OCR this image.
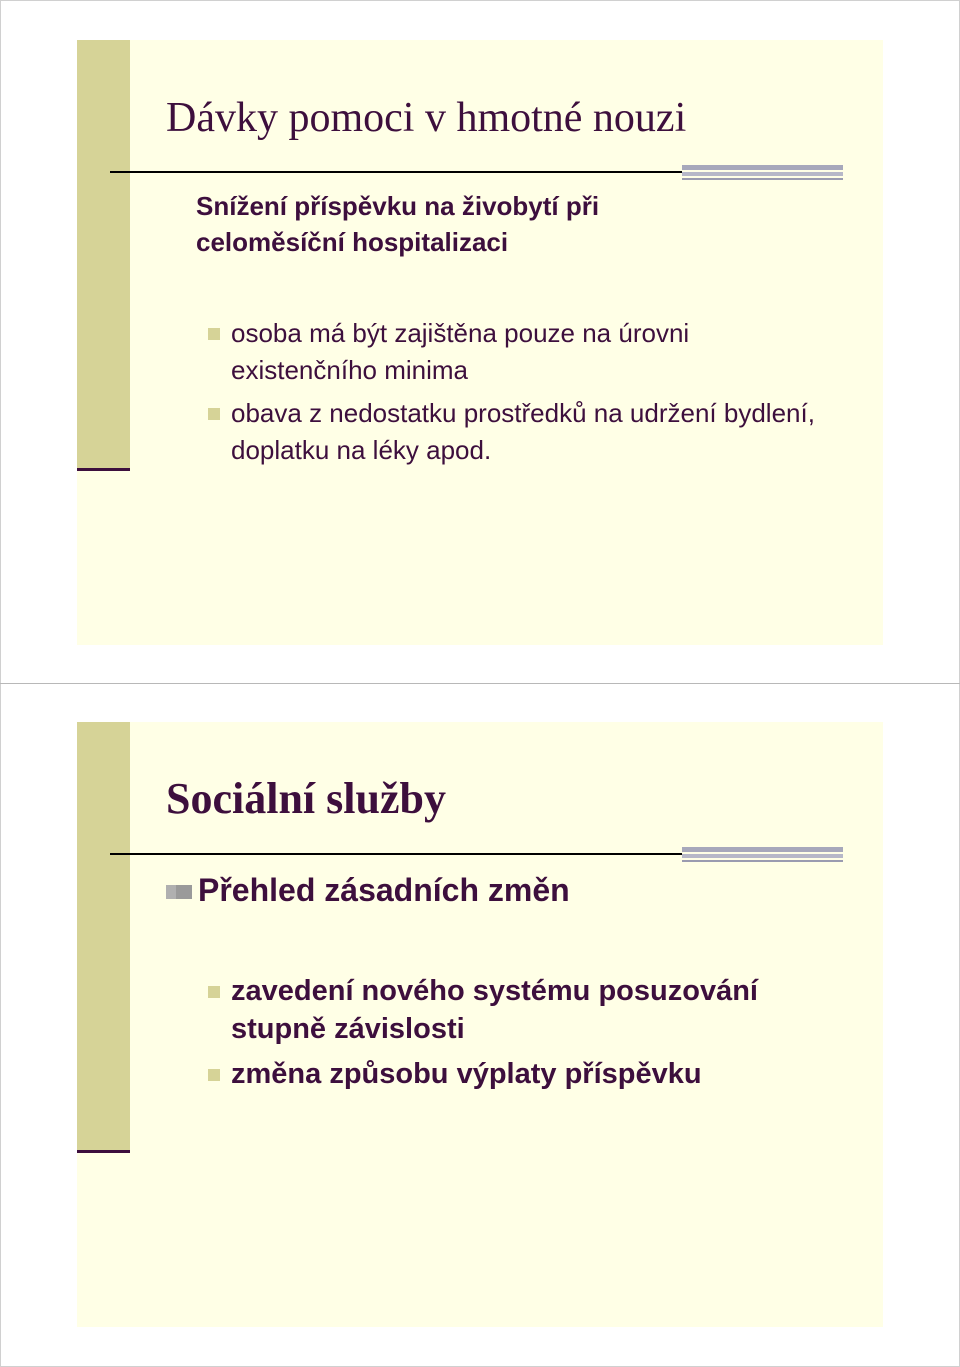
Dávky pomoci v hmotné nouzi
Snížení příspěvku na živobytí při
celoměsíční hospitalizaci
osoba má být zajištěna pouze na úrovni existenčního minima
obava z nedostatku prostředků na udržení bydlení, doplatku na léky apod.
Sociální služby

Přehled zásadních změn

zavedení nového systému posuzování stupně závislosti
změna způsobu výplaty příspěvku
